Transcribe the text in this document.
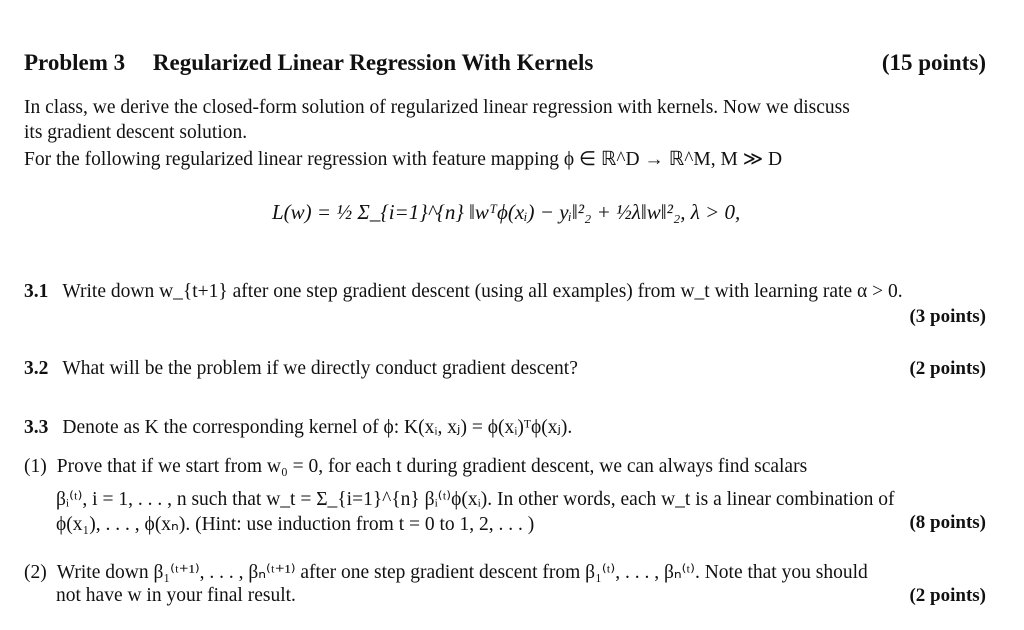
Problem 3 Regularized Linear Regression With Kernels	(15 points)
In class, we derive the closed-form solution of regularized linear regression with kernels. Now we discuss
its gradient descent solution.
For the following regularized linear regression with feature mapping ϕ ∈ ℝ^D → ℝ^M, M ≫ D
L(w) = ½ Σ_{i=1}^{n} ‖wᵀϕ(xᵢ) − yᵢ‖²₂ + ½λ‖w‖²₂, λ > 0,
3.1 Write down w_{t+1} after one step gradient descent (using all examples) from w_t with learning rate α > 0.
(3 points)
3.2 What will be the problem if we directly conduct gradient descent?	(2 points)
3.3 Denote as K the corresponding kernel of ϕ: K(xᵢ, xⱼ) = ϕ(xᵢ)ᵀϕ(xⱼ).
(1) Prove that if we start from w₀ = 0, for each t during gradient descent, we can always find scalars
βᵢ⁽ᵗ⁾, i = 1, . . . , n such that w_t = Σ_{i=1}^{n} βᵢ⁽ᵗ⁾ϕ(xᵢ). In other words, each w_t is a linear combination of
ϕ(x₁), . . . , ϕ(xₙ). (Hint: use induction from t = 0 to 1, 2, . . . )	(8 points)
(2) Write down β₁⁽ᵗ⁺¹⁾, . . . , βₙ⁽ᵗ⁺¹⁾ after one step gradient descent from β₁⁽ᵗ⁾, . . . , βₙ⁽ᵗ⁾. Note that you should
not have w in your final result.	(2 points)
